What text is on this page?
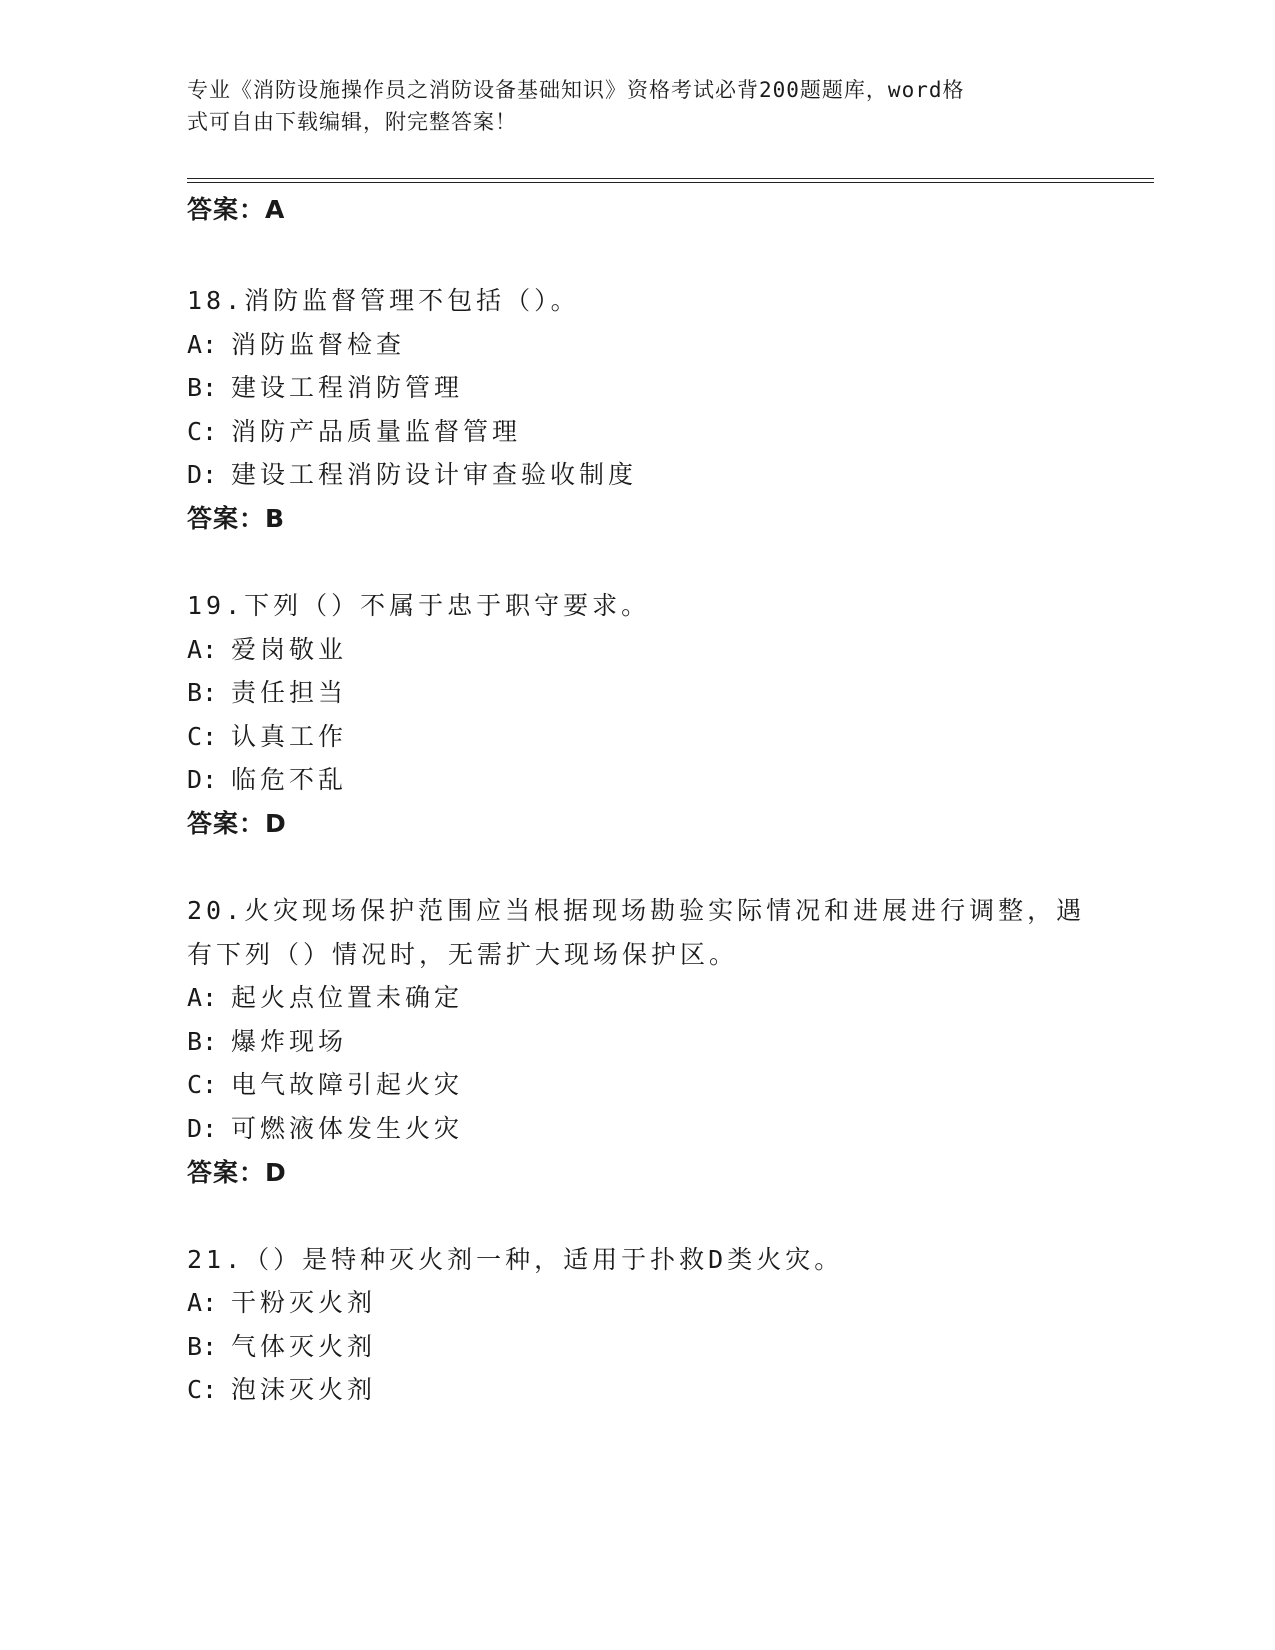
专业《消防设施操作员之消防设备基础知识》资格考试必背200题题库，word格
式可自由下载编辑，附完整答案！
答案：A
18.消防监督管理不包括（）。
A: 消防监督检查
B: 建设工程消防管理
C: 消防产品质量监督管理
D: 建设工程消防设计审查验收制度
答案：B
19.下列（）不属于忠于职守要求。
A: 爱岗敬业
B: 责任担当
C: 认真工作
D: 临危不乱
答案：D
20.火灾现场保护范围应当根据现场勘验实际情况和进展进行调整，遇
有下列（）情况时，无需扩大现场保护区。
A: 起火点位置未确定
B: 爆炸现场
C: 电气故障引起火灾
D: 可燃液体发生火灾
答案：D
21.（）是特种灭火剂一种，适用于扑救D类火灾。
A: 干粉灭火剂
B: 气体灭火剂
C: 泡沫灭火剂
